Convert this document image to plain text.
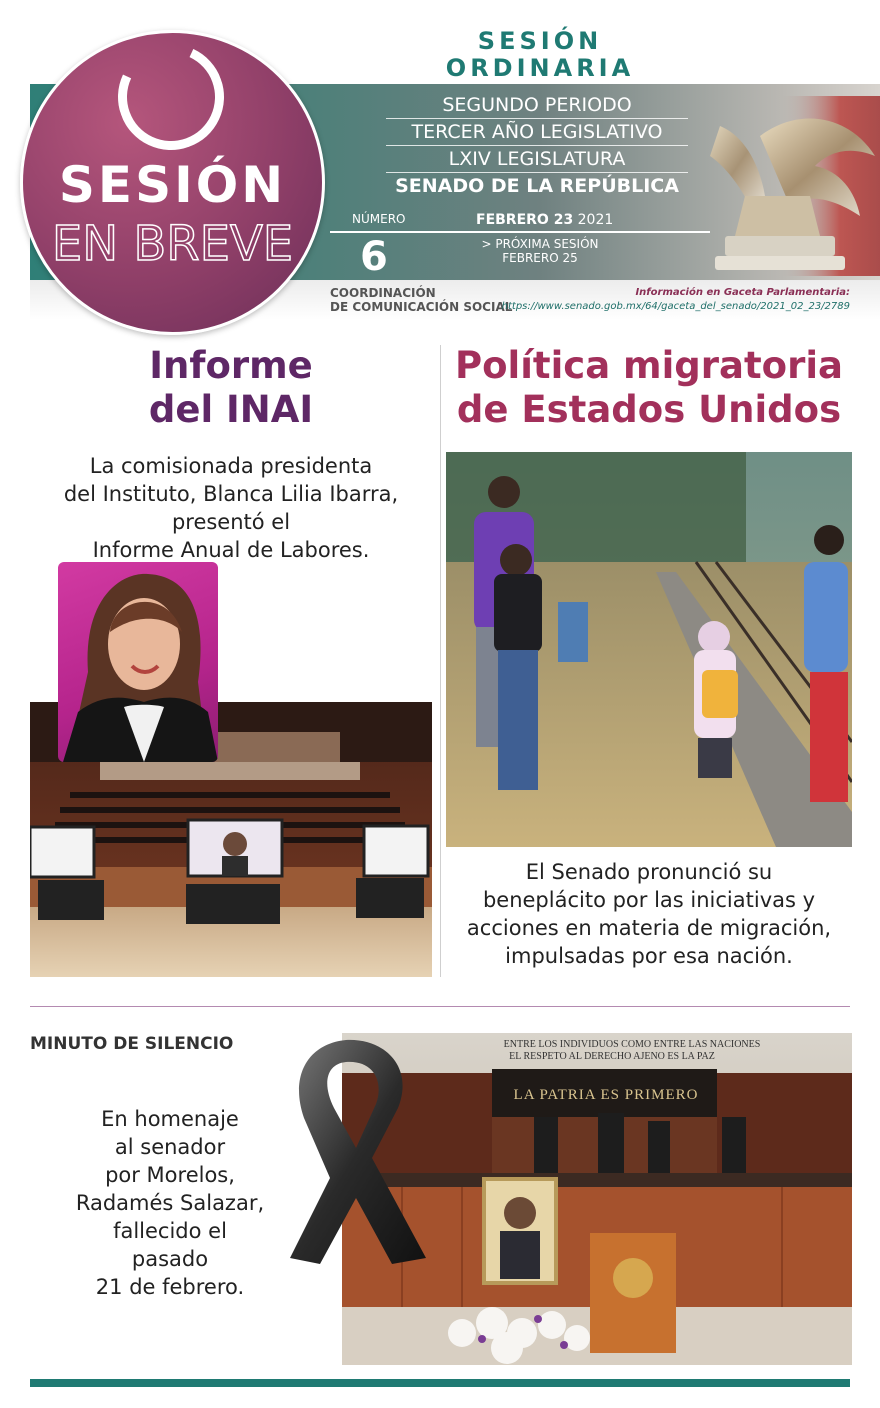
SESIÓN
EN BREVE
SESIÓN
ORDINARIA
SEGUNDO PERIODO
TERCER AÑO LEGISLATIVO
LXIV LEGISLATURA
SENADO DE LA REPÚBLICA
NÚMERO
6
FEBRERO 23 2021
> PRÓXIMA SESIÓN
FEBRERO 25
COORDINACIÓN
DE COMUNICACIÓN SOCIAL
Información en Gaceta Parlamentaria:
https://www.senado.gob.mx/64/gaceta_del_senado/2021_02_23/2789
Informe
del INAI
La comisionada presidenta
del Instituto, Blanca Lilia Ibarra,
presentó el
Informe Anual de Labores.
Política migratoria
de Estados Unidos
El Senado pronunció su
beneplácito por las iniciativas y
acciones en materia de migración,
impulsadas por esa nación.
MINUTO DE SILENCIO
En homenaje
al senador
por Morelos,
Radamés Salazar,
fallecido el
pasado
21 de febrero.
ENTRE LOS INDIVIDUOS COMO ENTRE LAS NACIONES
EL RESPETO AL DERECHO AJENO ES LA PAZ
LA PATRIA ES PRIMERO
